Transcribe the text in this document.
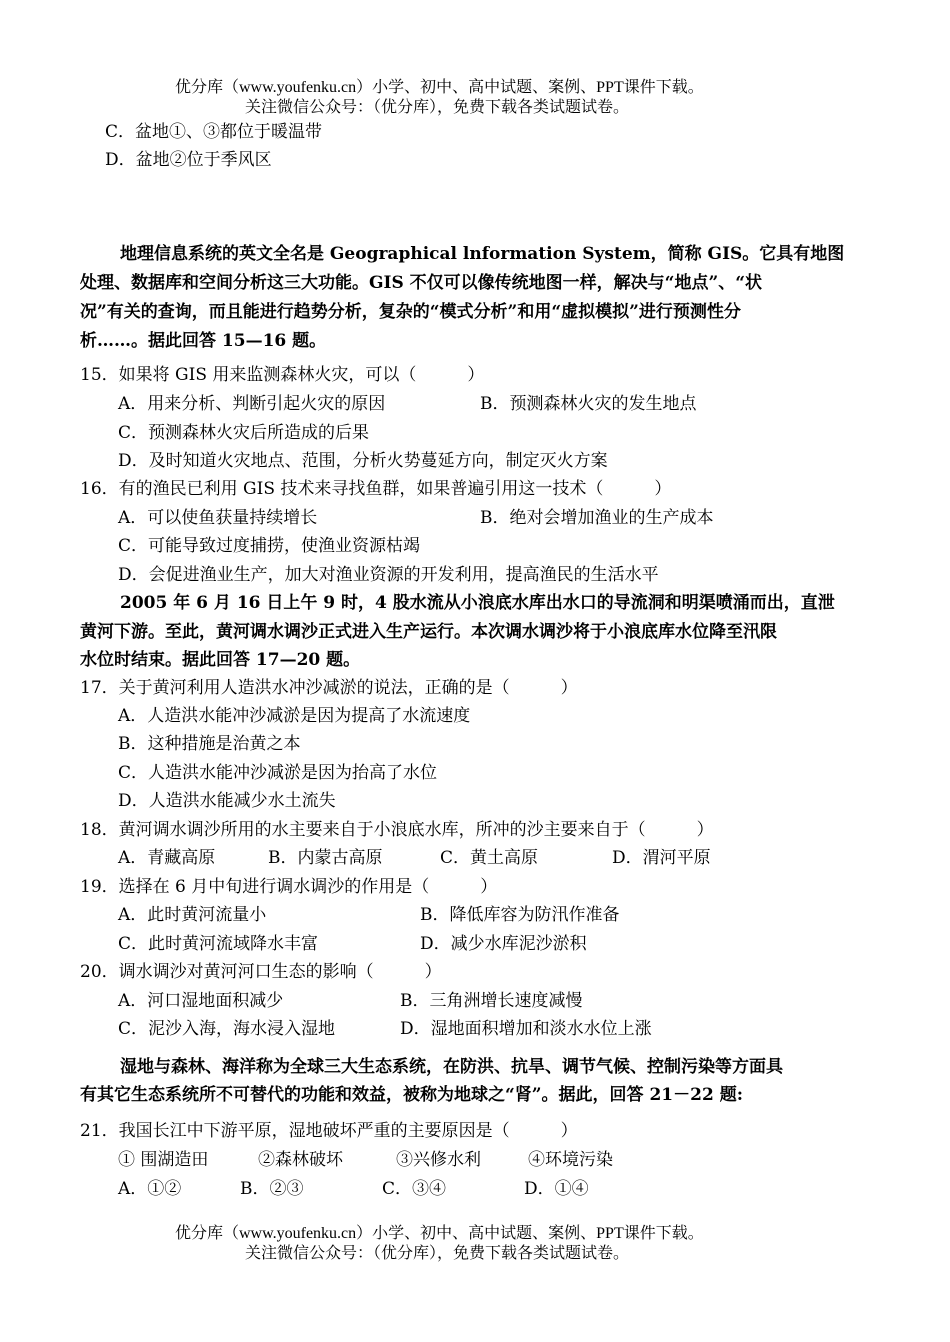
优分库（www.youfenku.cn）小学、初中、高中试题、案例、PPT课件下载。
关注微信公众号：（优分库），免费下载各类试题试卷。
C．盆地①、③都位于暖温带
D．盆地②位于季风区
地理信息系统的英文全名是 Geographical lnformation System，简称 GIS。它具有地图
处理、数据库和空间分析这三大功能。GIS 不仅可以像传统地图一样，解决与“地点”、“状
况”有关的查询，而且能进行趋势分析，复杂的“模式分析”和用“虚拟模拟”进行预测性分
析……。据此回答 15—16 题。
15．如果将 GIS 用来监测森林火灾，可以（　　　）
A．用来分析、判断引起火灾的原因	B．预测森林火灾的发生地点
C．预测森林火灾后所造成的后果
D．及时知道火灾地点、范围，分析火势蔓延方向，制定灭火方案
16．有的渔民已利用 GIS 技术来寻找鱼群，如果普遍引用这一技术（　　　）
A．可以使鱼获量持续增长	B．绝对会增加渔业的生产成本
C．可能导致过度捕捞，使渔业资源枯竭
D．会促进渔业生产，加大对渔业资源的开发利用，提高渔民的生活水平
2005 年 6 月 16 日上午 9 时，4 股水流从小浪底水库出水口的导流洞和明渠喷涌而出，直泄
黄河下游。至此，黄河调水调沙正式进入生产运行。本次调水调沙将于小浪底库水位降至汛限
水位时结束。据此回答 17—20 题。
17．关于黄河利用人造洪水冲沙减淤的说法，正确的是（　　　）
A．人造洪水能冲沙减淤是因为提高了水流速度
B．这种措施是治黄之本
C．人造洪水能冲沙减淤是因为抬高了水位
D．人造洪水能减少水土流失
18．黄河调水调沙所用的水主要来自于小浪底水库，所冲的沙主要来自于（　　　）
A．青藏高原	B．内蒙古高原	C．黄土高原	D．渭河平原
19．选择在 6 月中旬进行调水调沙的作用是（　　　）
A．此时黄河流量小	B．降低库容为防汛作准备
C．此时黄河流域降水丰富	D．减少水库泥沙淤积
20．调水调沙对黄河河口生态的影响（　　　）
A．河口湿地面积减少	B．三角洲增长速度减慢
C．泥沙入海，海水浸入湿地	D．湿地面积增加和淡水水位上涨
湿地与森林、海洋称为全球三大生态系统，在防洪、抗旱、调节气候、控制污染等方面具
有其它生态系统所不可替代的功能和效益，被称为地球之“肾”。据此，回答 21－22 题:
21．我国长江中下游平原，湿地破坏严重的主要原因是（　　　）
① 围湖造田	②森林破坏	③兴修水利	④环境污染
A．①②	B．②③	C．③④	D．①④
优分库（www.youfenku.cn）小学、初中、高中试题、案例、PPT课件下载。
关注微信公众号：（优分库），免费下载各类试题试卷。
